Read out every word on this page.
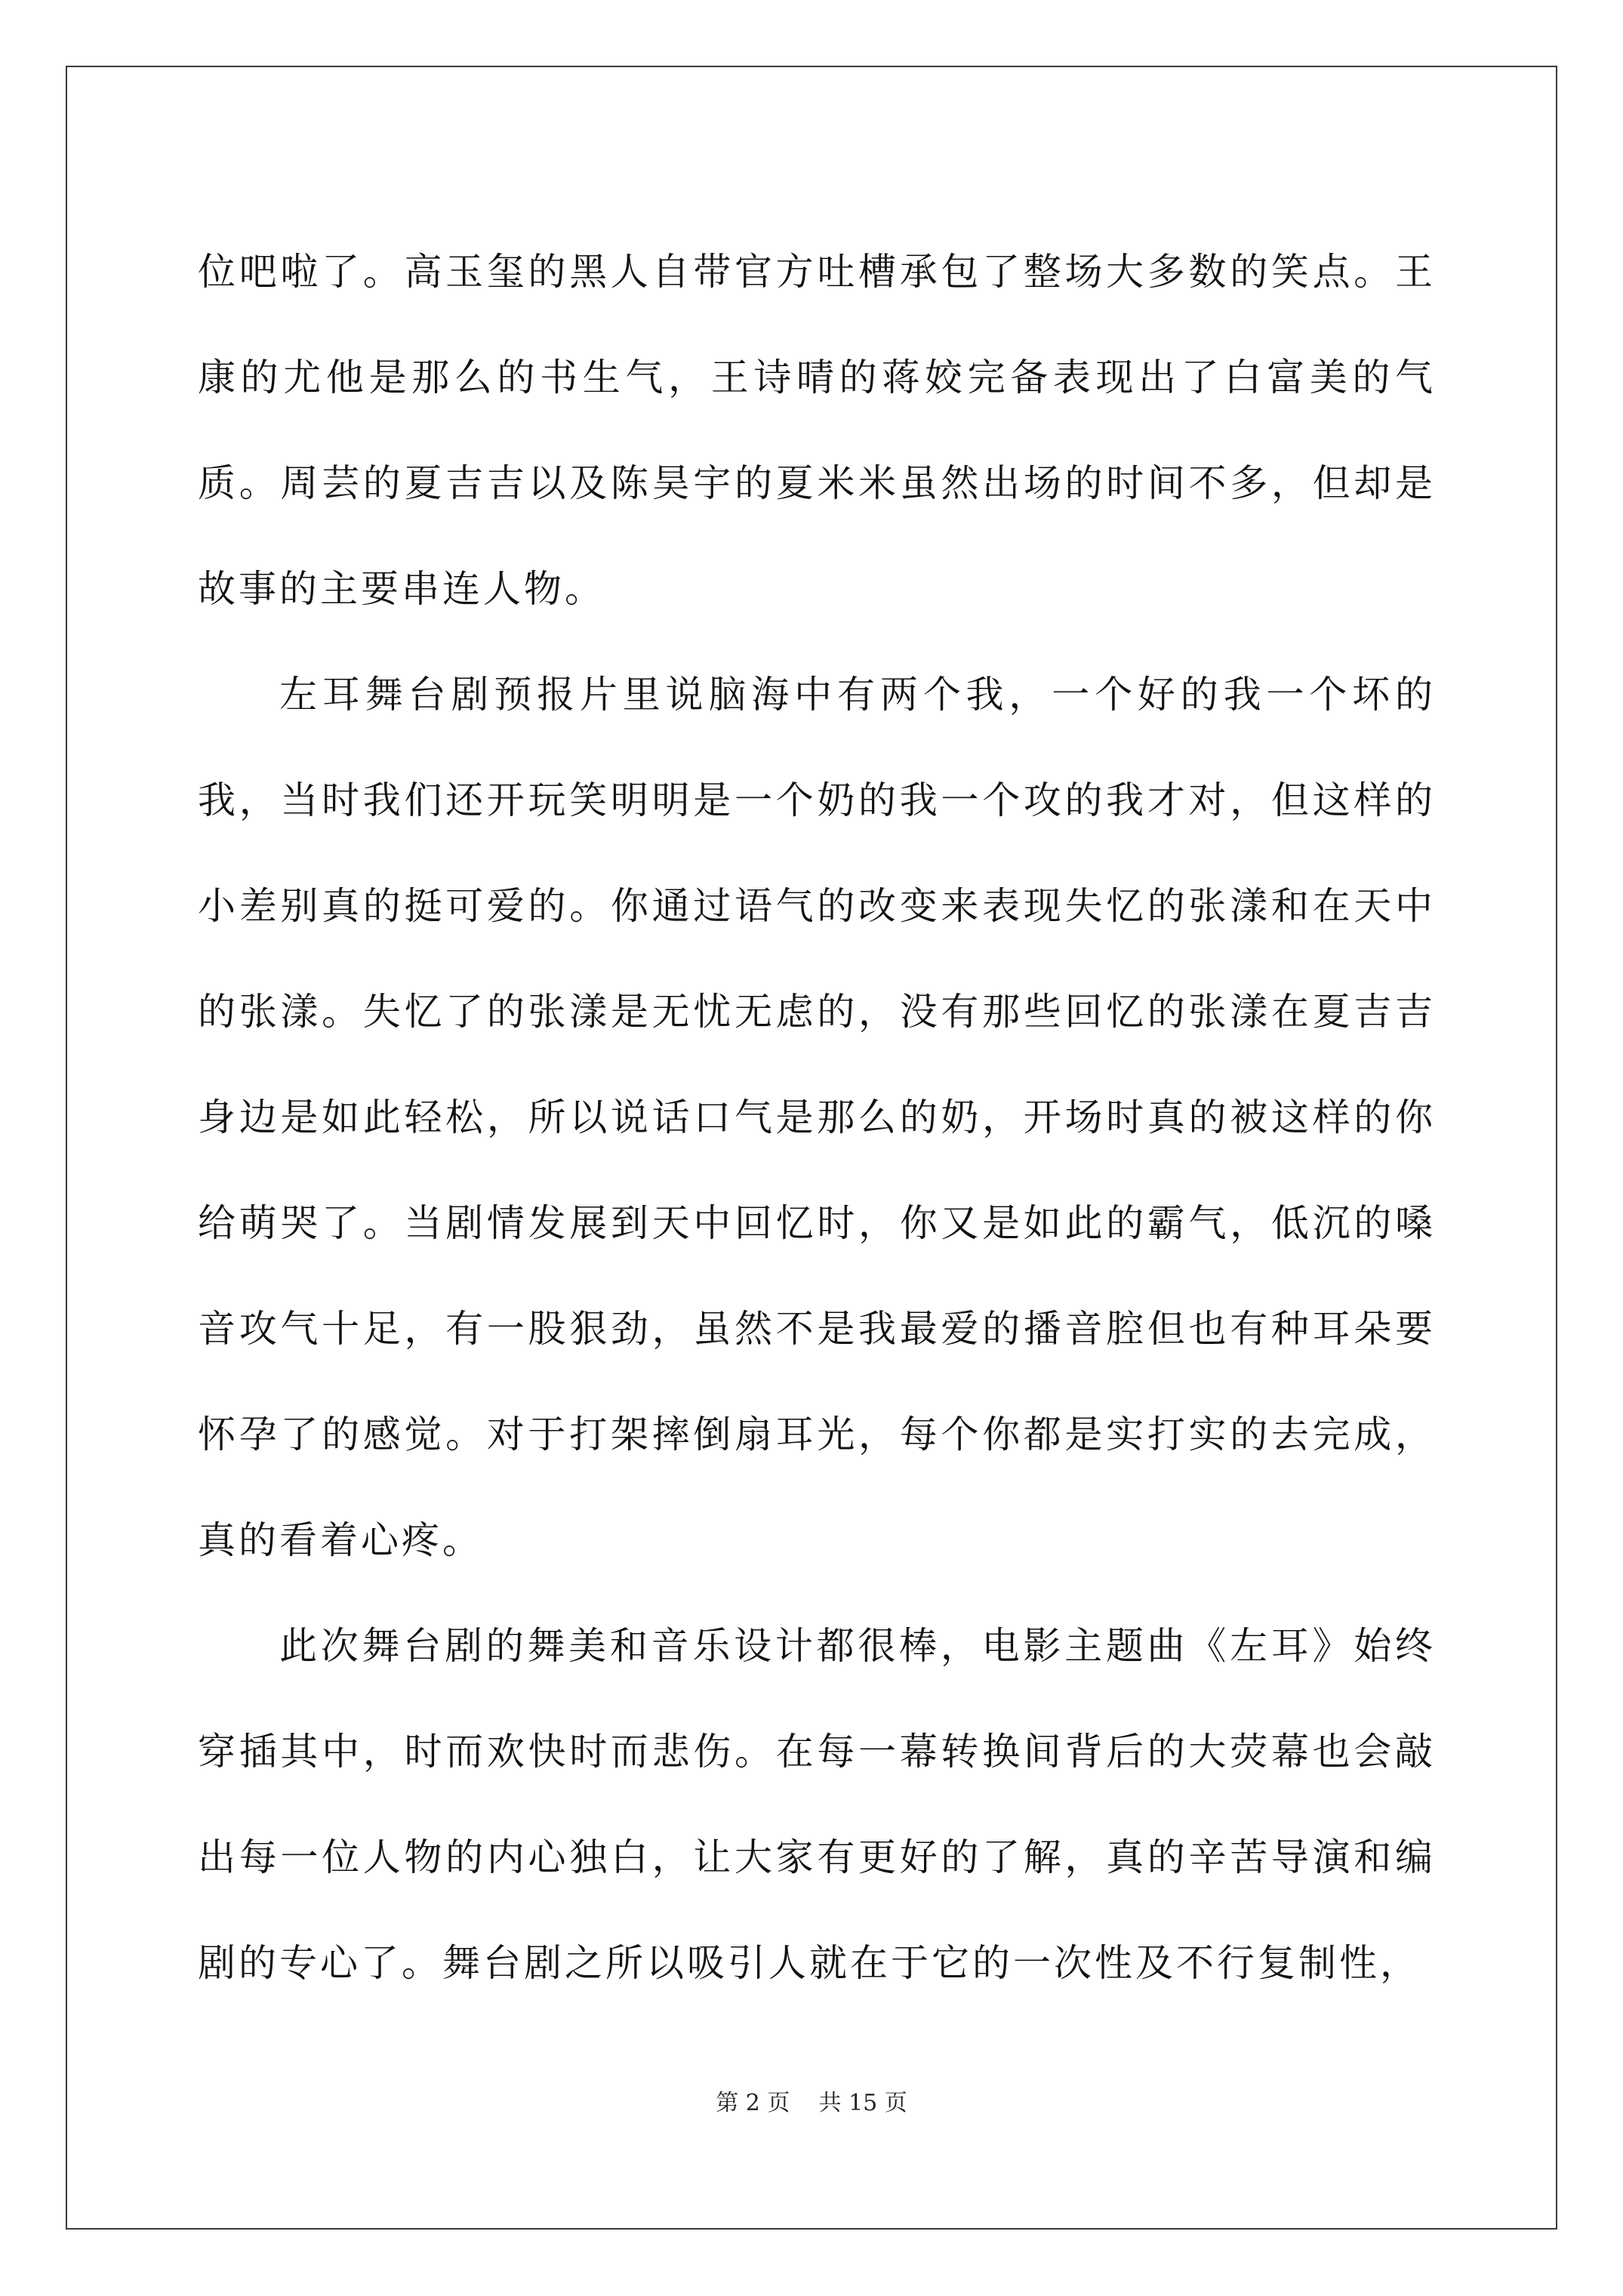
位吧啦了。高玉玺的黑人自带官方吐槽承包了整场大多数的笑点。王康的尤他是那么的书生气，王诗晴的蒋姣完备表现出了白富美的气质。周芸的夏吉吉以及陈昊宇的夏米米虽然出场的时间不多，但却是故事的主要串连人物。

左耳舞台剧预报片里说脑海中有两个我，一个好的我一个坏的我，当时我们还开玩笑明明是一个奶的我一个攻的我才对，但这样的小差别真的挺可爱的。你通过语气的改变来表现失忆的张漾和在天中的张漾。失忆了的张漾是无忧无虑的，没有那些回忆的张漾在夏吉吉身边是如此轻松，所以说话口气是那么的奶，开场时真的被这样的你给萌哭了。当剧情发展到天中回忆时，你又是如此的霸气，低沉的嗓音攻气十足，有一股狠劲，虽然不是我最爱的播音腔但也有种耳朵要怀孕了的感觉。对于打架摔倒扇耳光，每个你都是实打实的去完成，真的看着心疼。

此次舞台剧的舞美和音乐设计都很棒，电影主题曲《左耳》始终穿插其中，时而欢快时而悲伤。在每一幕转换间背后的大荧幕也会敲出每一位人物的内心独白，让大家有更好的了解，真的辛苦导演和编剧的专心了。舞台剧之所以吸引人就在于它的一次性及不行复制性，

第 2 页 共 15 页
